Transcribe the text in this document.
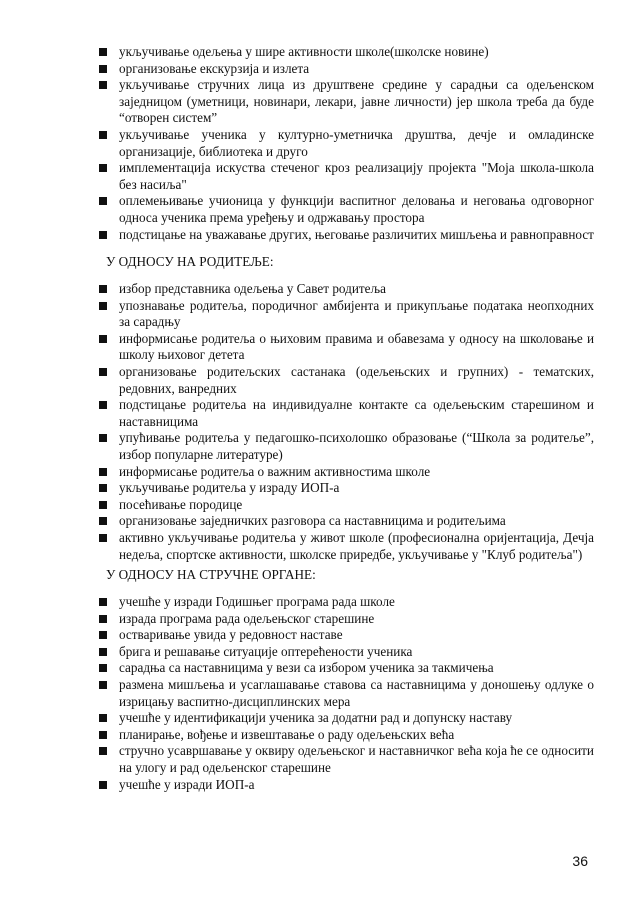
укључивање одељења у шире активности школе(школске новине)
организовање екскурзија и излета
укључивање стручних лица из друштвене средине у сарадњи са одељенском заједницом (уметници, новинари, лекари, јавне личности) јер школа треба да буде “отворен систем”
укључивање ученика у културно-уметничка друштва, дечје и омладинске организације, библиотека и друго
имплементација искуства стеченог кроз реализацију пројекта "Моја школа-школа без насиља"
оплемењивање учионица у функцији васпитног деловања и неговања одговорног односа ученика према уређењу и одржавању простора
подстицање на уважавање других, његовање различитих мишљења и равноправност
У ОДНОСУ НА РОДИТЕЉЕ:
избор представника одељења у Савет родитеља
упознавање родитеља, породичног амбијента и прикупљање података неопходних за сарадњу
информисање родитеља о њиховим правима и обавезама у односу на школовање и школу њиховог детета
организовање родитељских састанака (одељењских и групних) - тематских, редовних, ванредних
подстицање родитеља на индивидуалне контакте са одељењским старешином и наставницима
упућивање родитеља у педагошко-психолошко образовање (“Школа за родитеље”, избор популарне литературе)
информисање родитеља о важним активностима школе
укључивање родитеља у израду ИОП-а
посећивање породице
организовање заједничких разговора са наставницима и родитељима
активно укључивање родитеља у живот школе (професионална оријентација, Дечја недеља, спортске активности, школске приредбе, укључивање у "Клуб родитеља")
У ОДНОСУ НА СТРУЧНЕ ОРГАНЕ:
учешће у изради Годишњег програма рада школе
израда програма рада одељењског старешине
остваривање увида у редовност наставе
брига и решавање ситуације оптерећености ученика
сарадња са наставницима у вези са избором ученика за такмичења
размена мишљења и усаглашавање ставова са наставницима у доношењу одлуке о изрицању васпитно-дисциплинских мера
учешће у идентификацији ученика за додатни рад и допунску наставу
планирање, вођење и извештавање о раду одељењских већа
стручно усавршавање у оквиру одељењског и наставничког већа која ће се односити на улогу и рад одељенског старешине
учешће у изради ИОП-а
36
